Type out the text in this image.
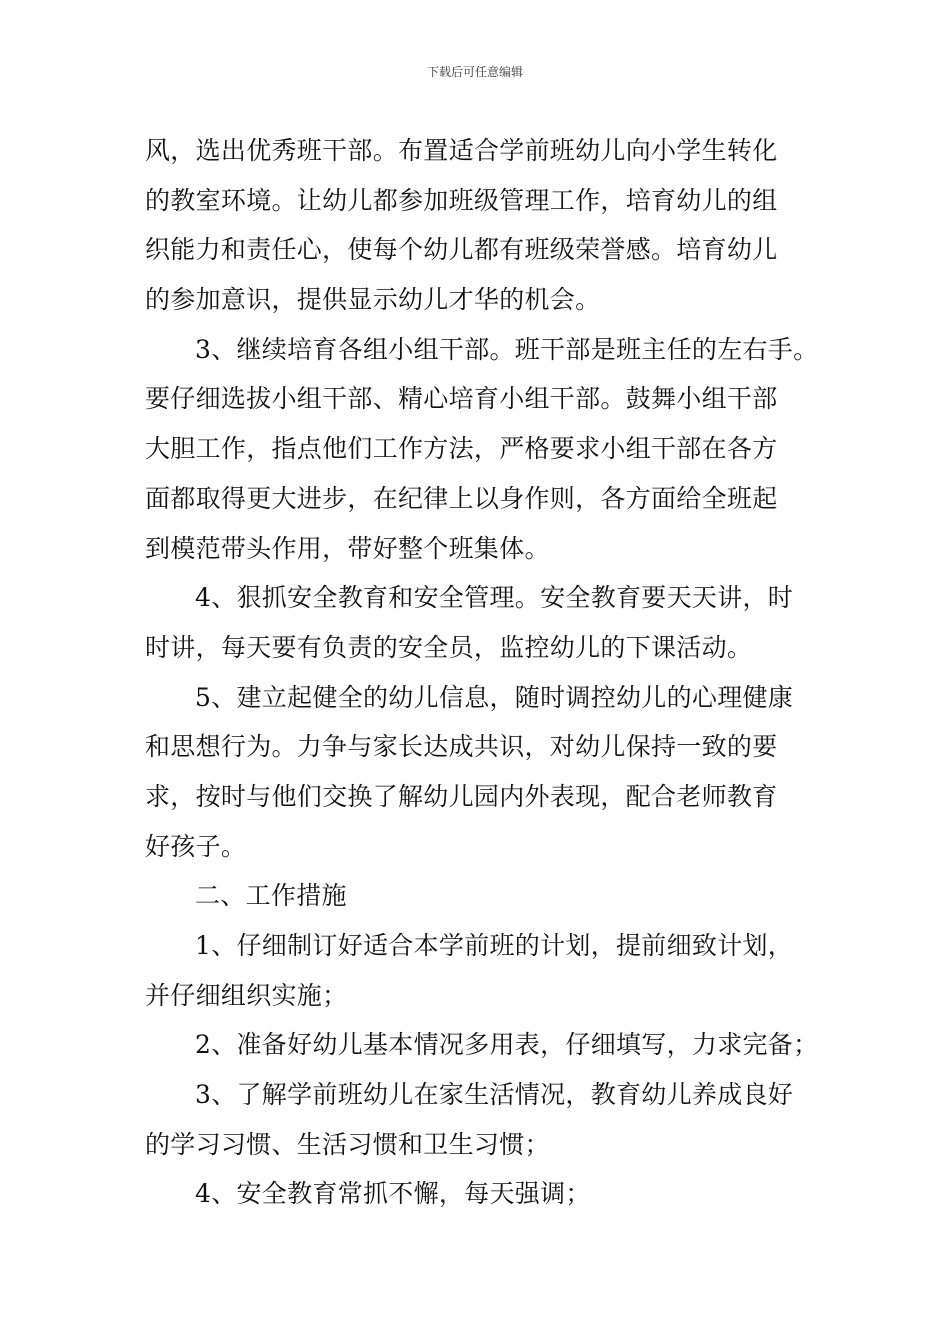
下载后可任意编辑
风，选出优秀班干部。布置适合学前班幼儿向小学生转化
的教室环境。让幼儿都参加班级管理工作，培育幼儿的组
织能力和责任心，使每个幼儿都有班级荣誉感。培育幼儿
的参加意识，提供显示幼儿才华的机会。
3、继续培育各组小组干部。班干部是班主任的左右手。
要仔细选拔小组干部、精心培育小组干部。鼓舞小组干部
大胆工作，指点他们工作方法，严格要求小组干部在各方
面都取得更大进步，在纪律上以身作则，各方面给全班起
到模范带头作用，带好整个班集体。
4、狠抓安全教育和安全管理。安全教育要天天讲，时
时讲，每天要有负责的安全员，监控幼儿的下课活动。
5、建立起健全的幼儿信息，随时调控幼儿的心理健康
和思想行为。力争与家长达成共识，对幼儿保持一致的要
求，按时与他们交换了解幼儿园内外表现，配合老师教育
好孩子。
二、工作措施
1、仔细制订好适合本学前班的计划，提前细致计划，
并仔细组织实施；
2、准备好幼儿基本情况多用表，仔细填写，力求完备；
3、了解学前班幼儿在家生活情况，教育幼儿养成良好
的学习习惯、生活习惯和卫生习惯；
4、安全教育常抓不懈，每天强调；
